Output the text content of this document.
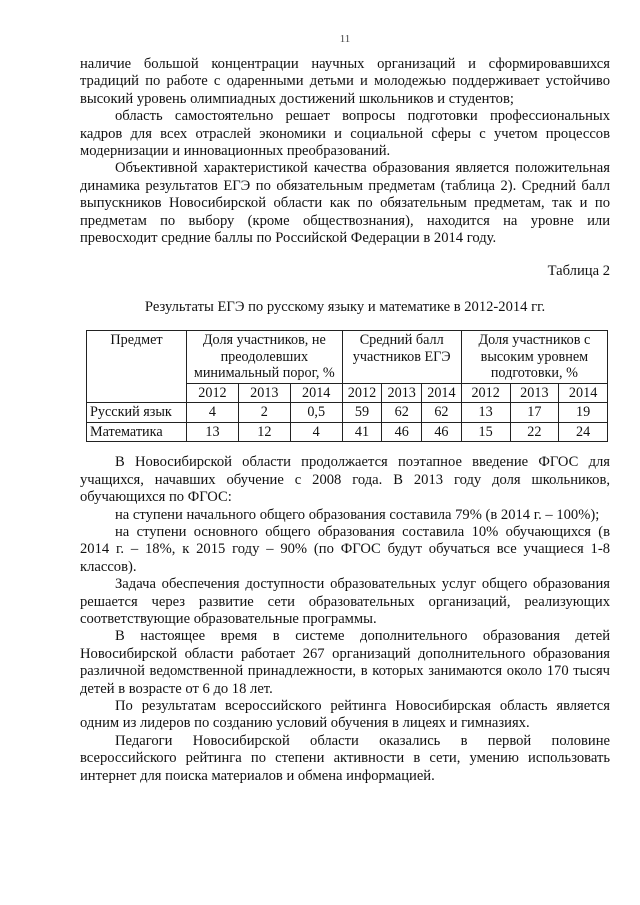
11

наличие большой концентрации научных организаций и сформировавшихся традиций по работе с одаренными детьми и молодежью поддерживает устойчиво высокий уровень олимпиадных достижений школьников и студентов;

область самостоятельно решает вопросы подготовки профессиональных кадров для всех отраслей экономики и социальной сферы с учетом процессов модернизации и инновационных преобразований.

Объективной характеристикой качества образования является положительная динамика результатов ЕГЭ по обязательным предметам (таблица 2). Средний балл выпускников Новосибирской области как по обязательным предметам, так и по предметам по выбору (кроме обществознания), находится на уровне или превосходит средние баллы по Российской Федерации в 2014 году.

Таблица 2
Результаты ЕГЭ по русскому языку и математике в 2012-2014 гг.
Предмет	Доля участников, не преодолевших минимальный порог, %			Средний балл участников ЕГЭ			Доля участников с высоким уровнем подготовки, %		
	2012	2013	2014	2012	2013	2014	2012	2013	2014
Русский язык	4	2	0,5	59	62	62	13	17	19
Математика	13	12	4	41	46	46	15	22	24

В Новосибирской области продолжается поэтапное введение ФГОС для учащихся, начавших обучение с 2008 года. В 2013 году доля школьников, обучающихся по ФГОС:

на ступени начального общего образования составила 79% (в 2014 г. – 100%);

на ступени основного общего образования составила 10% обучающихся (в 2014 г. – 18%, к 2015 году – 90% (по ФГОС будут обучаться все учащиеся 1-8 классов).

Задача обеспечения доступности образовательных услуг общего образования решается через развитие сети образовательных организаций, реализующих соответствующие образовательные программы.

В настоящее время в системе дополнительного образования детей Новосибирской области работает 267 организаций дополнительного образования различной ведомственной принадлежности, в которых занимаются около 170 тысяч детей в возрасте от 6 до 18 лет.

По результатам всероссийского рейтинга Новосибирская область является одним из лидеров по созданию условий обучения в лицеях и гимназиях.

Педагоги Новосибирской области оказались в первой половине всероссийского рейтинга по степени активности в сети, умению использовать интернет для поиска материалов и обмена информацией.
